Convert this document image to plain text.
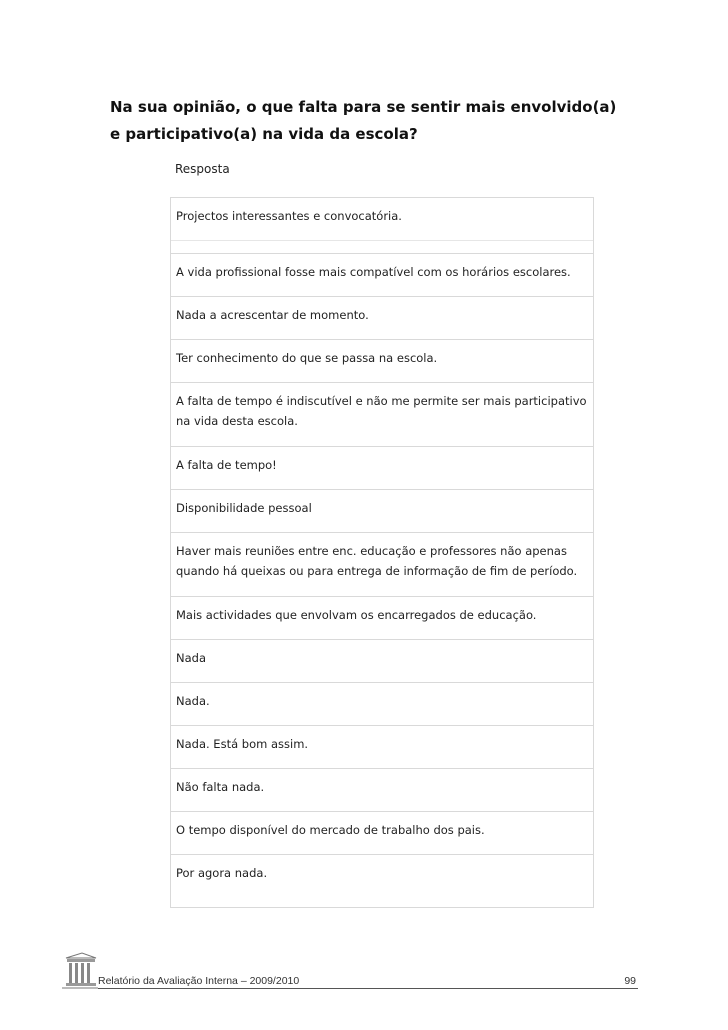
Na sua opinião, o que falta para se sentir mais envolvido(a) e participativo(a) na vida da escola?
Resposta
Projectos interessantes e convocatória.
A vida profissional fosse mais compatível com os horários escolares.
Nada a acrescentar de momento.
Ter conhecimento do que se passa na escola.
A falta de tempo é indiscutível e não me permite ser mais participativo
na vida desta escola.
A falta de tempo!
Disponibilidade pessoal
Haver mais reuniões entre enc. educação e professores não apenas
quando há queixas ou para entrega de informação de fim de período.
Mais actividades que envolvam os encarregados de educação.
Nada
Nada.
Nada. Está bom assim.
Não falta nada.
O tempo disponível do mercado de trabalho dos pais.
Por agora nada.
Relatório da Avaliação Interna – 2009/2010	99
